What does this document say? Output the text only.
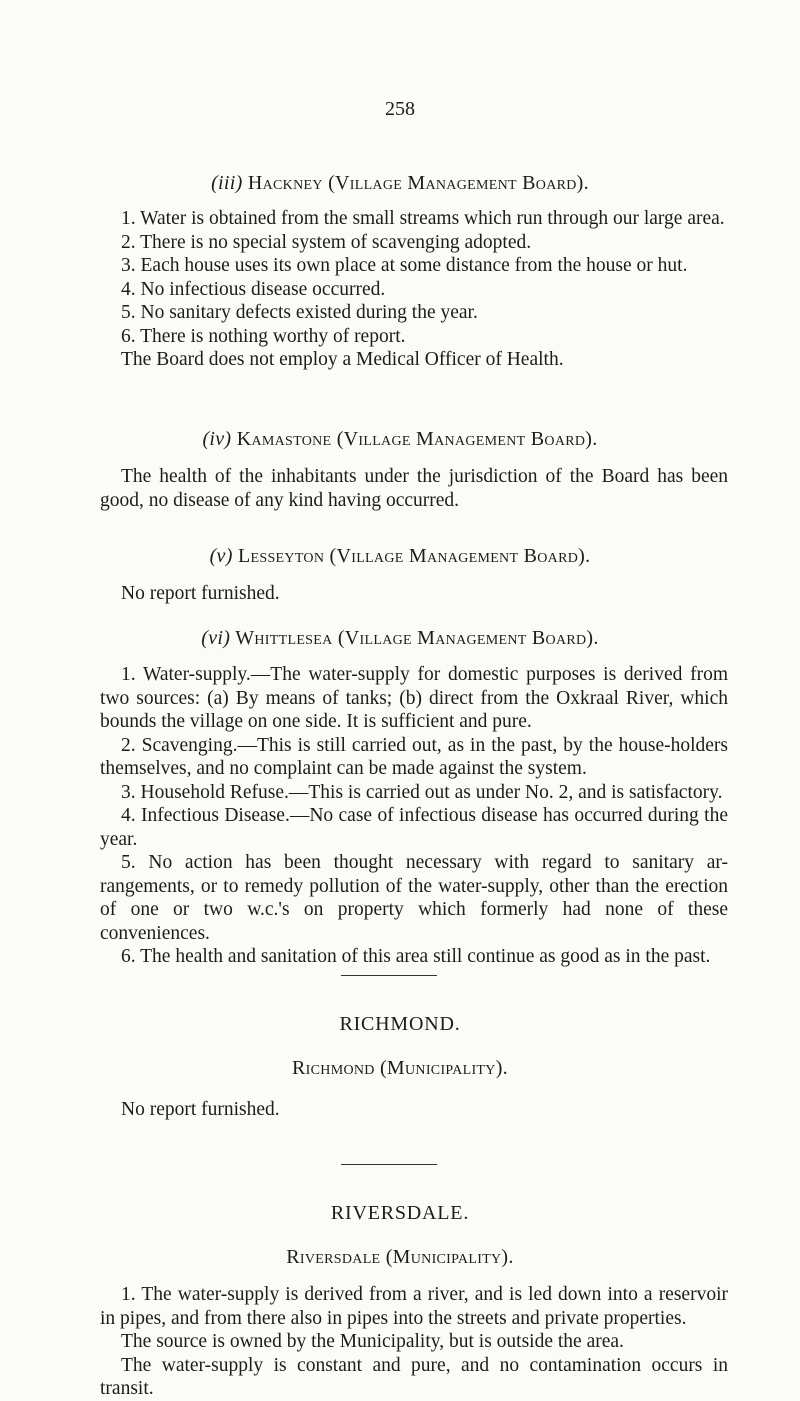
258
(iii) Hackney (Village Management Board).

1. Water is obtained from the small streams which run through our large area.

2. There is no special system of scavenging adopted.

3. Each house uses its own place at some distance from the house or hut.

4. No infectious disease occurred.

5. No sanitary defects existed during the year.

6. There is nothing worthy of report.

The Board does not employ a Medical Officer of Health.

(iv) Kamastone (Village Management Board).

The health of the inhabitants under the jurisdiction of the Board has been good, no disease of any kind having occurred.

(v) Lesseyton (Village Management Board).

No report furnished.

(vi) Whittlesea (Village Management Board).

1. Water-supply.—The water-supply for domestic purposes is derived from two sources: (a) By means of tanks; (b) direct from the Oxkraal River, which bounds the village on one side. It is sufficient and pure.

2. Scavenging.—This is still carried out, as in the past, by the house-holders themselves, and no complaint can be made against the system.

3. Household Refuse.—This is carried out as under No. 2, and is satisfactory.

4. Infectious Disease.—No case of infectious disease has occurred during the year.

5. No action has been thought necessary with regard to sanitary ar-rangements, or to remedy pollution of the water-supply, other than the erection of one or two w.c.'s on property which formerly had none of these conveniences.

6. The health and sanitation of this area still continue as good as in the past.

RICHMOND.
Richmond (Municipality).

No report furnished.

RIVERSDALE.
Riversdale (Municipality).

1. The water-supply is derived from a river, and is led down into a reservoir in pipes, and from there also in pipes into the streets and private properties.

The source is owned by the Municipality, but is outside the area.

The water-supply is constant and pure, and no contamination occurs in transit.
